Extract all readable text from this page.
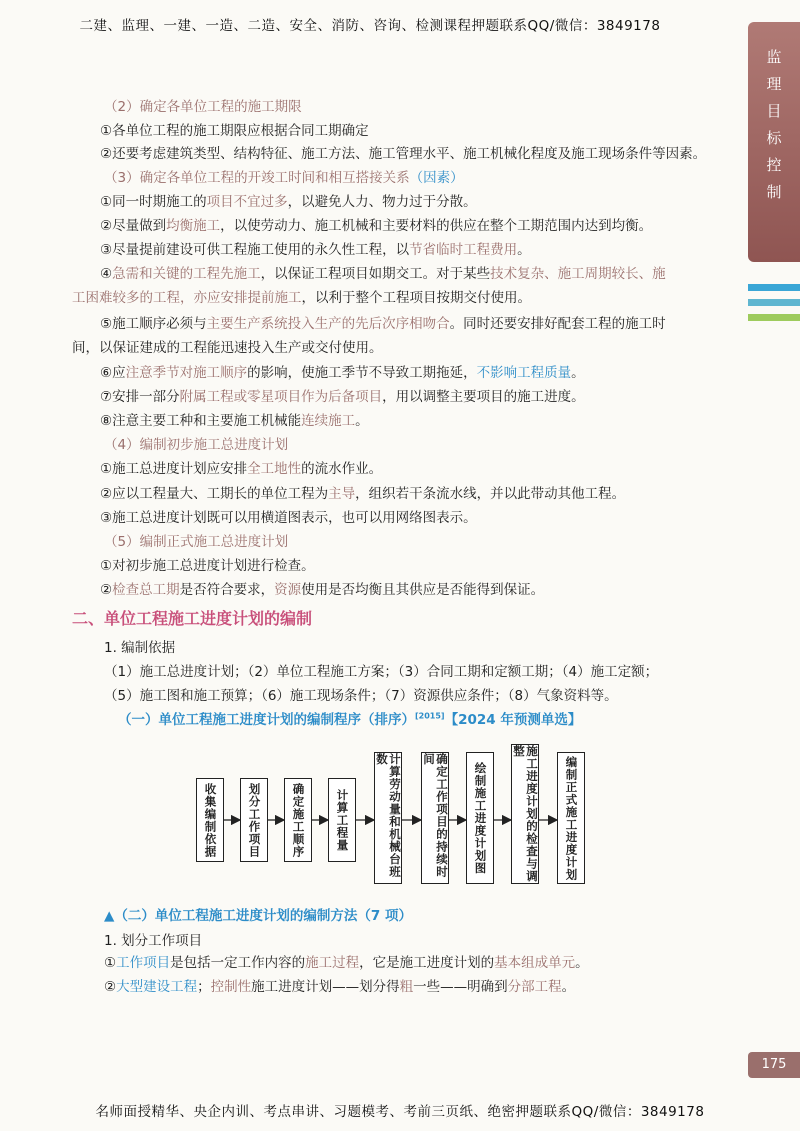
二建、监理、一建、一造、二造、安全、消防、咨询、检测课程押题联系QQ/微信：3849178
名师面授精华、央企内训、考点串讲、习题模考、考前三页纸、绝密押题联系QQ/微信：3849178
监
理
目
标
控
制
175
（2）确定各单位工程的施工期限
①各单位工程的施工期限应根据合同工期确定
②还要考虑建筑类型、结构特征、施工方法、施工管理水平、施工机械化程度及施工现场条件等因素。
（3）确定各单位工程的开竣工时间和相互搭接关系（因素）
①同一时期施工的项目不宜过多，以避免人力、物力过于分散。
②尽量做到均衡施工，以使劳动力、施工机械和主要材料的供应在整个工期范围内达到均衡。
③尽量提前建设可供工程施工使用的永久性工程，以节省临时工程费用。
④急需和关键的工程先施工，以保证工程项目如期交工。对于某些技术复杂、施工周期较长、施
工困难较多的工程，亦应安排提前施工，以利于整个工程项目按期交付使用。
⑤施工顺序必须与主要生产系统投入生产的先后次序相吻合。同时还要安排好配套工程的施工时
间，以保证建成的工程能迅速投入生产或交付使用。
⑥应注意季节对施工顺序的影响，使施工季节不导致工期拖延，不影响工程质量。
⑦安排一部分附属工程或零星项目作为后备项目，用以调整主要项目的施工进度。
⑧注意主要工种和主要施工机械能连续施工。
（4）编制初步施工总进度计划
①施工总进度计划应安排全工地性的流水作业。
②应以工程量大、工期长的单位工程为主导，组织若干条流水线，并以此带动其他工程。
③施工总进度计划既可以用横道图表示，也可以用网络图表示。
（5）编制正式施工总进度计划
①对初步施工总进度计划进行检查。
②检查总工期是否符合要求，资源使用是否均衡且其供应是否能得到保证。
二、单位工程施工进度计划的编制
1. 编制依据
（1）施工总进度计划；（2）单位工程施工方案；（3）合同工期和定额工期；（4）施工定额；
（5）施工图和施工预算；（6）施工现场条件；（7）资源供应条件；（8）气象资料等。
（一）单位工程施工进度计划的编制程序（排序）[2015]【2024 年预测单选】
收集编制依据	划分工作项目	确定施工顺序	计算工程量	计算劳动量和机械台班数	确定工作项目的持续时间
绘制施工进度计划图	施工进度计划的检查与调整
编制正式施工进度计划
▲（二）单位工程施工进度计划的编制方法（7 项）
1. 划分工作项目
①工作项目是包括一定工作内容的施工过程，它是施工进度计划的基本组成单元。
②大型建设工程；控制性施工进度计划——划分得粗一些——明确到分部工程。
